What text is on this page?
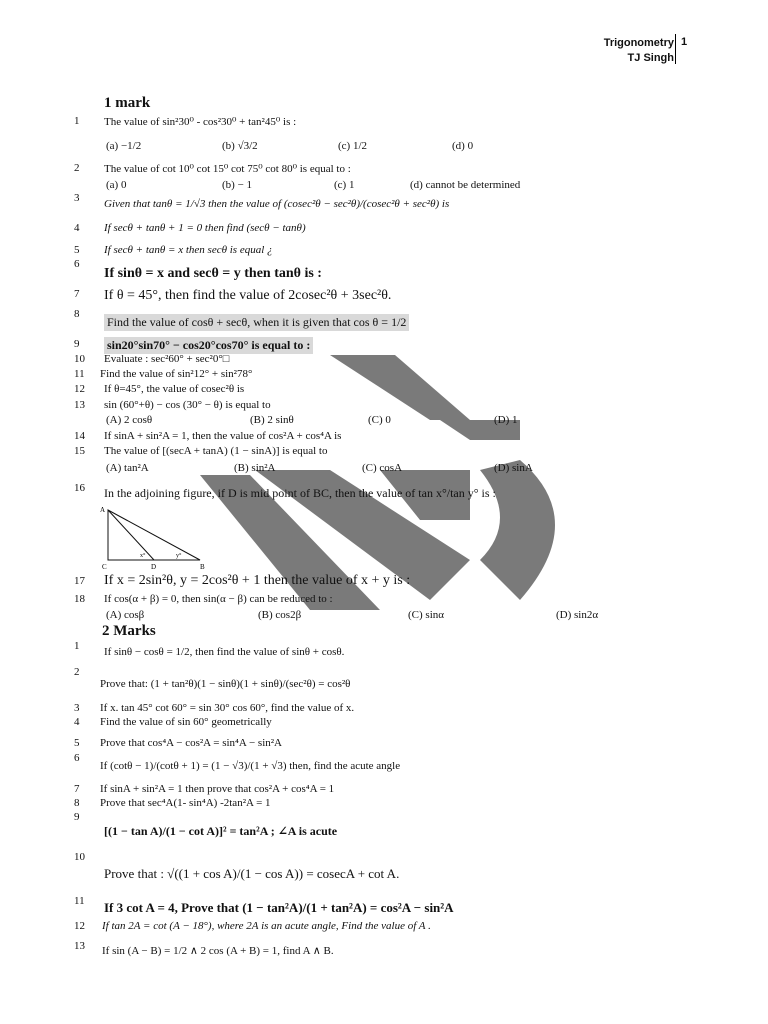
Trigonometry
TJ Singh
1
1 mark
1 The value of sin²30⁰ - cos²30⁰ + tan²45⁰ is :
(a) −1/2	(b) √3/2	(c) 1/2	(d) 0
2 The value of cot 10⁰ cot 15⁰ cot 75⁰ cot 80⁰ is equal to :
(a) 0	(b) − 1	(c) 1	(d) cannot be determined
3 Given that tanθ = 1/√3 then the value of (cosec²θ − sec²θ)/(cosec²θ + sec²θ) is
4 If secθ + tanθ + 1 = 0 then find (secθ − tanθ)
5 If secθ + tanθ = x then secθ is equal ¿
6
If sinθ = x and secθ = y then tanθ is :
7 If θ = 45°, then find the value of 2cosec²θ + 3sec²θ.
8
Find the value of cosθ + secθ, when it is given that cos θ = 1/2
9 sin20°sin70° − cos20°cos70° is equal to :
10 Evaluate : sec²60° + sec²0°□
11 Find the value of sin²12° + sin²78°
12 If θ=45°, the value of cosec²θ is
13 sin (60°+θ) − cos (30° − θ) is equal to
(A) 2 cosθ	(B) 2 sinθ	(C) 0	(D) 1
14 If sinA + sin²A = 1, then the value of cos²A + cos⁴A is
15 The value of [(secA + tanA) (1 − sinA)] is equal to
(A) tan²A	(B) sin²A	(C) cosA	(D) sinA
16 In the adjoining figure, if D is mid point of BC, then the value of tan x°/tan y° is :
A
C	D	B
x°	y°
17 If x = 2sin²θ, y = 2cos²θ + 1 then the value of x + y is :
18 If cos(α + β) = 0, then sin(α − β) can be reduced to :
(A) cosβ	(B) cos2β	(C) sinα	(D) sin2α
2 Marks
1 If sinθ − cosθ = 1/2, then find the value of sinθ + cosθ.
2
Prove that: (1 + tan²θ)(1 − sinθ)(1 + sinθ)/(sec²θ) = cos²θ
3 If x. tan 45° cot 60° = sin 30° cos 60°, find the value of x.
4 Find the value of sin 60° geometrically
5 Prove that cos⁴A − cos²A = sin⁴A − sin²A
6
If (cotθ − 1)/(cotθ + 1) = (1 − √3)/(1 + √3) then, find the acute angle
7 If sinA + sin²A = 1 then prove that cos²A + cos⁴A = 1
8 Prove that sec⁴A(1- sin⁴A) -2tan²A = 1
9
[(1 − tan A)/(1 − cot A)]² = tan²A ; ∠A is acute
10
Prove that : √((1 + cos A)/(1 − cos A)) = cosecA + cot A.
11 If 3 cot A = 4, Prove that (1 − tan²A)/(1 + tan²A) = cos²A − sin²A
12 If tan 2A = cot (A − 18°), where 2A is an acute angle, Find the value of A .
13 If sin (A − B) = 1/2 ∧ 2 cos (A + B) = 1, find A ∧ B.
